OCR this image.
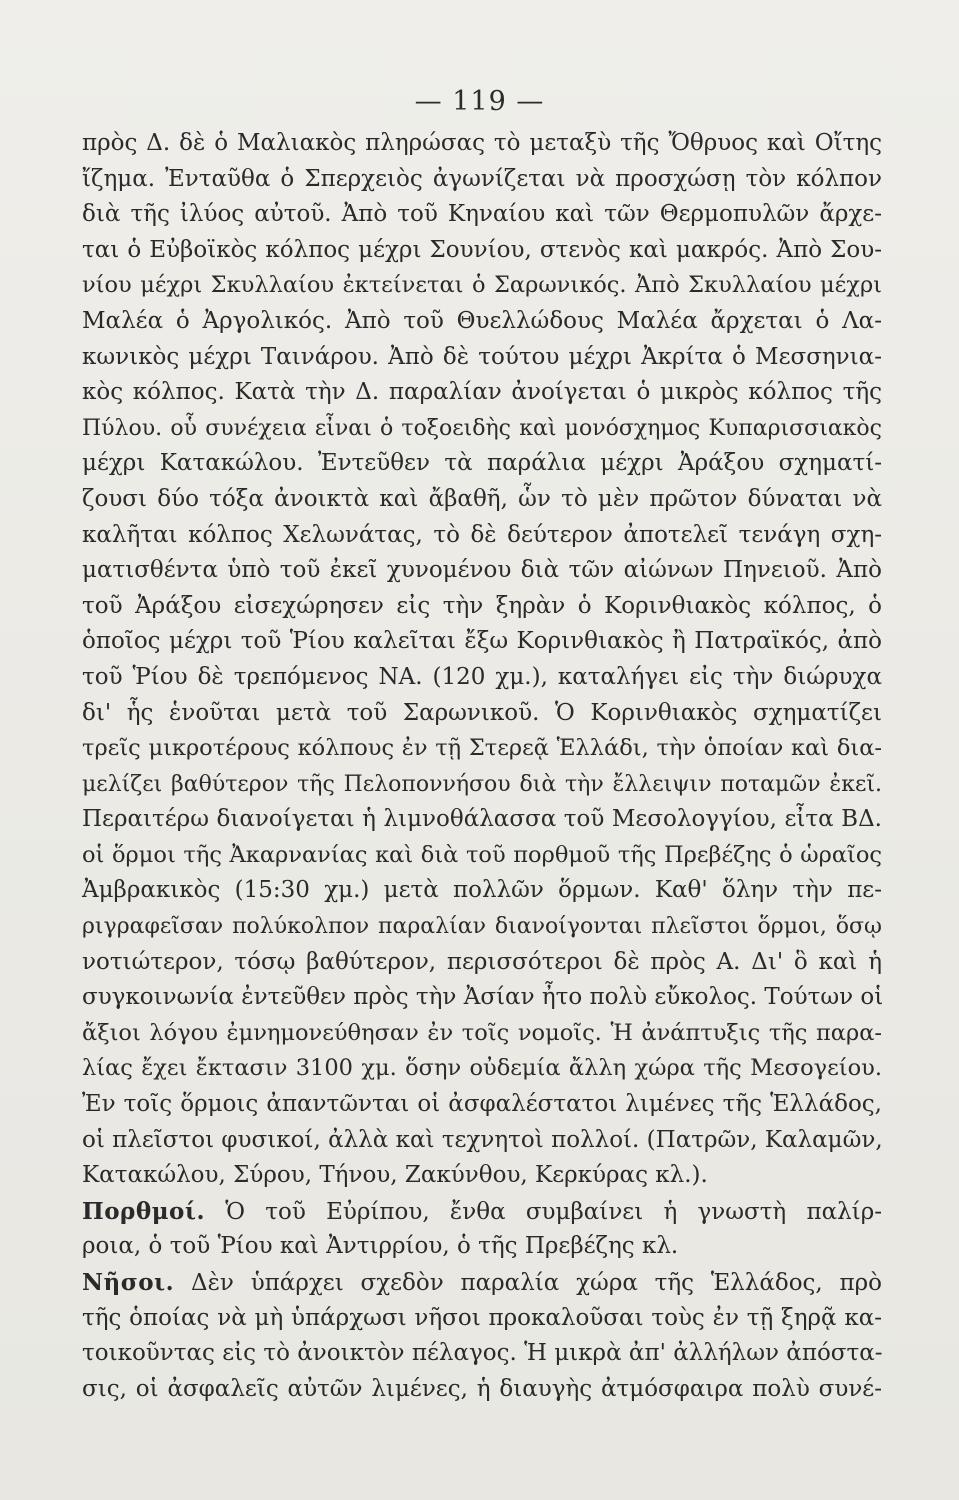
— 119 —
πρὸς Δ. δὲ ὁ Μαλιακὸς πληρώσας τὸ μεταξὺ τῆς Ὄθρυος καὶ Οἴτης
ἴζημα. Ἐνταῦθα ὁ Σπερχειὸς ἀγωνίζεται νὰ προσχώσῃ τὸν κόλπον
διὰ τῆς ἰλύος αὐτοῦ. Ἀπὸ τοῦ Κηναίου καὶ τῶν Θερμοπυλῶν ἄρχε-
ται ὁ Εὐβοϊκὸς κόλπος μέχρι Σουνίου, στενὸς καὶ μακρός. Ἀπὸ Σου-
νίου μέχρι Σκυλλαίου ἐκτείνεται ὁ Σαρωνικός. Ἀπὸ Σκυλλαίου μέχρι
Μαλέα ὁ Ἀργολικός. Ἀπὸ τοῦ Θυελλώδους Μαλέα ἄρχεται ὁ Λα-
κωνικὸς μέχρι Ταινάρου. Ἀπὸ δὲ τούτου μέχρι Ἀκρίτα ὁ Μεσσηνια-
κὸς κόλπος. Κατὰ τὴν Δ. παραλίαν ἀνοίγεται ὁ μικρὸς κόλπος τῆς
Πύλου. οὗ συνέχεια εἶναι ὁ τοξοειδὴς καὶ μονόσχημος Κυπαρισσιακὸς
μέχρι Κατακώλου. Ἐντεῦθεν τὰ παράλια μέχρι Ἀράξου σχηματί-
ζουσι δύο τόξα ἀνοικτὰ καὶ ἄβαθῆ, ὧν τὸ μὲν πρῶτον δύναται νὰ
καλῆται κόλπος Χελωνάτας, τὸ δὲ δεύτερον ἀποτελεῖ τενάγη σχη-
ματισθέντα ὑπὸ τοῦ ἐκεῖ χυνομένου διὰ τῶν αἰώνων Πηνειοῦ. Ἀπὸ
τοῦ Ἀράξου εἰσεχώρησεν εἰς τὴν ξηρὰν ὁ Κορινθιακὸς κόλπος, ὁ
ὁποῖος μέχρι τοῦ Ῥίου καλεῖται ἔξω Κορινθιακὸς ἢ Πατραϊκός, ἀπὸ
τοῦ Ῥίου δὲ τρεπόμενος ΝΑ. (120 χμ.), καταλήγει εἰς τὴν διώρυχα
δι' ἧς ἑνοῦται μετὰ τοῦ Σαρωνικοῦ. Ὁ Κορινθιακὸς σχηματίζει
τρεῖς μικροτέρους κόλπους ἐν τῇ Στερεᾷ Ἑλλάδι, τὴν ὁποίαν καὶ δια-
μελίζει βαθύτερον τῆς Πελοποννήσου διὰ τὴν ἔλλειψιν ποταμῶν ἐκεῖ.
Περαιτέρω διανοίγεται ἡ λιμνοθάλασσα τοῦ Μεσολογγίου, εἶτα ΒΔ.
οἱ ὅρμοι τῆς Ἀκαρνανίας καὶ διὰ τοῦ πορθμοῦ τῆς Πρεβέζης ὁ ὡραῖος
Ἀμβρακικὸς (15:30 χμ.) μετὰ πολλῶν ὅρμων. Καθ' ὅλην τὴν πε-
ριγραφεῖσαν πολύκολπον παραλίαν διανοίγονται πλεῖστοι ὅρμοι, ὅσῳ
νοτιώτερον, τόσῳ βαθύτερον, περισσότεροι δὲ πρὸς Α. Δι' ὃ καὶ ἡ
συγκοινωνία ἐντεῦθεν πρὸς τὴν Ἀσίαν ἦτο πολὺ εὔκολος. Τούτων οἱ
ἄξιοι λόγου ἐμνημονεύθησαν ἐν τοῖς νομοῖς. Ἡ ἀνάπτυξις τῆς παρα-
λίας ἔχει ἔκτασιν 3100 χμ. ὅσην οὐδεμία ἄλλη χώρα τῆς Μεσογείου.
Ἐν τοῖς ὅρμοις ἀπαντῶνται οἱ ἀσφαλέστατοι λιμένες τῆς Ἑλλάδος,
οἱ πλεῖστοι φυσικοί, ἀλλὰ καὶ τεχνητοὶ πολλοί. (Πατρῶν, Καλαμῶν,
Κατακώλου, Σύρου, Τήνου, Ζακύνθου, Κερκύρας κλ.).
Πορθμοί. Ὁ τοῦ Εὐρίπου, ἔνθα συμβαίνει ἡ γνωστὴ παλίρ-
ροια, ὁ τοῦ Ῥίου καὶ Ἀντιρρίου, ὁ τῆς Πρεβέζης κλ.
Νῆσοι. Δὲν ὑπάρχει σχεδὸν παραλία χώρα τῆς Ἑλλάδος, πρὸ
τῆς ὁποίας νὰ μὴ ὑπάρχωσι νῆσοι προκαλοῦσαι τοὺς ἐν τῇ ξηρᾷ κα-
τοικοῦντας εἰς τὸ ἀνοικτὸν πέλαγος. Ἡ μικρὰ ἀπ' ἀλλήλων ἀπόστα-
σις, οἱ ἀσφαλεῖς αὐτῶν λιμένες, ἡ διαυγὴς ἀτμόσφαιρα πολὺ συνέ-
